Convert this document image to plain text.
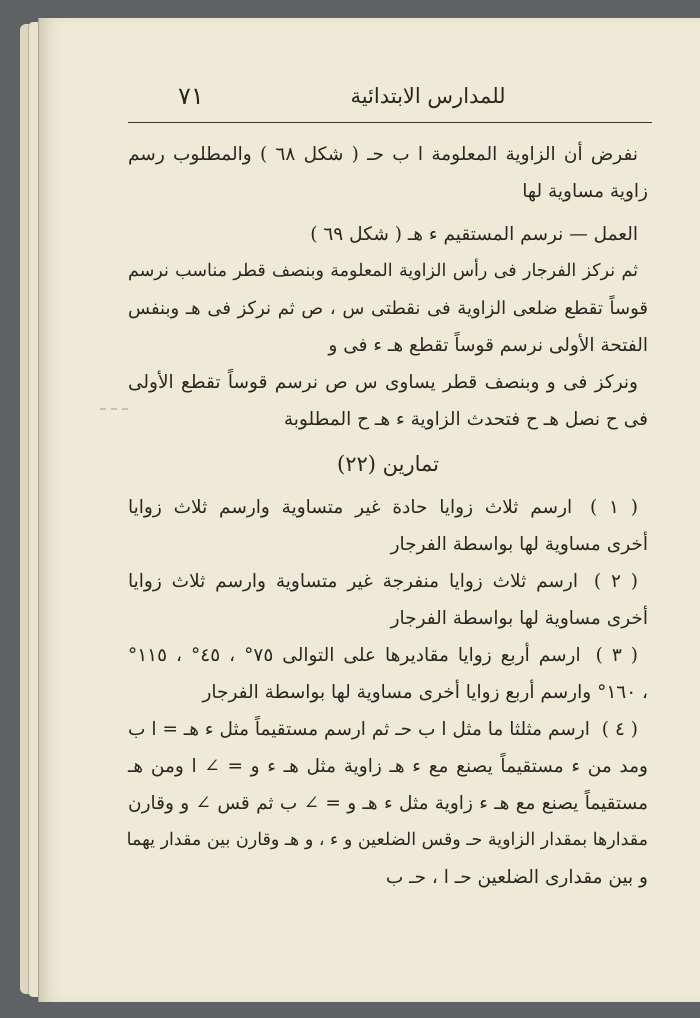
٧١	للمدارس الابتدائية
نفرض أن الزاوية المعلومة ا ب حـ ( شكل ٦٨ ) والمطلوب رسم
زاوية مساوية لها
العمل — نرسم المستقيم ء هـ ( شكل ٦٩ )
ثم نركز الفرجار فى رأس الزاوية المعلومة وبنصف قطر مناسب نرسم
قوساً تقطع ضلعى الزاوية فى نقطتى س ، ص ثم نركز فى هـ وبنفس
الفتحة الأولى نرسم قوساً تقطع هـ ء فى و
ونركز فى و وبنصف قطر يساوى س ص نرسم قوساً تقطع الأولى
فى ح نصل هـ ح فتحدث الزاوية ء هـ ح المطلوبة
تمارين (٢٢)
( ١ ) ارسم ثلاث زوايا حادة غير متساوية وارسم ثلاث زوايا
أخرى مساوية لها بواسطة الفرجار
( ٢ ) ارسم ثلاث زوايا منفرجة غير متساوية وارسم ثلاث زوايا
أخرى مساوية لها بواسطة الفرجار
( ٣ ) ارسم أربع زوايا مقاديرها على التوالى ٧٥° ، ٤٥° ، ١١٥°
، ١٦٠° وارسم أربع زوايا أخرى مساوية لها بواسطة الفرجار
( ٤ ) ارسم مثلثا ما مثل ا ب حـ ثم ارسم مستقيماً مثل ء هـ = ا ب
ومد من ء مستقيماً يصنع مع ء هـ زاوية مثل هـ ء و = ∠ ا ومن هـ
مستقيماً يصنع مع هـ ء زاوية مثل ء هـ و = ∠ ب ثم قس ∠ و وقارن
مقدارها بمقدار الزاوية حـ وقس الضلعين و ء ، و هـ وقارن بين مقدار يهما
و بين مقدارى الضلعين حـ ا ، حـ ب
